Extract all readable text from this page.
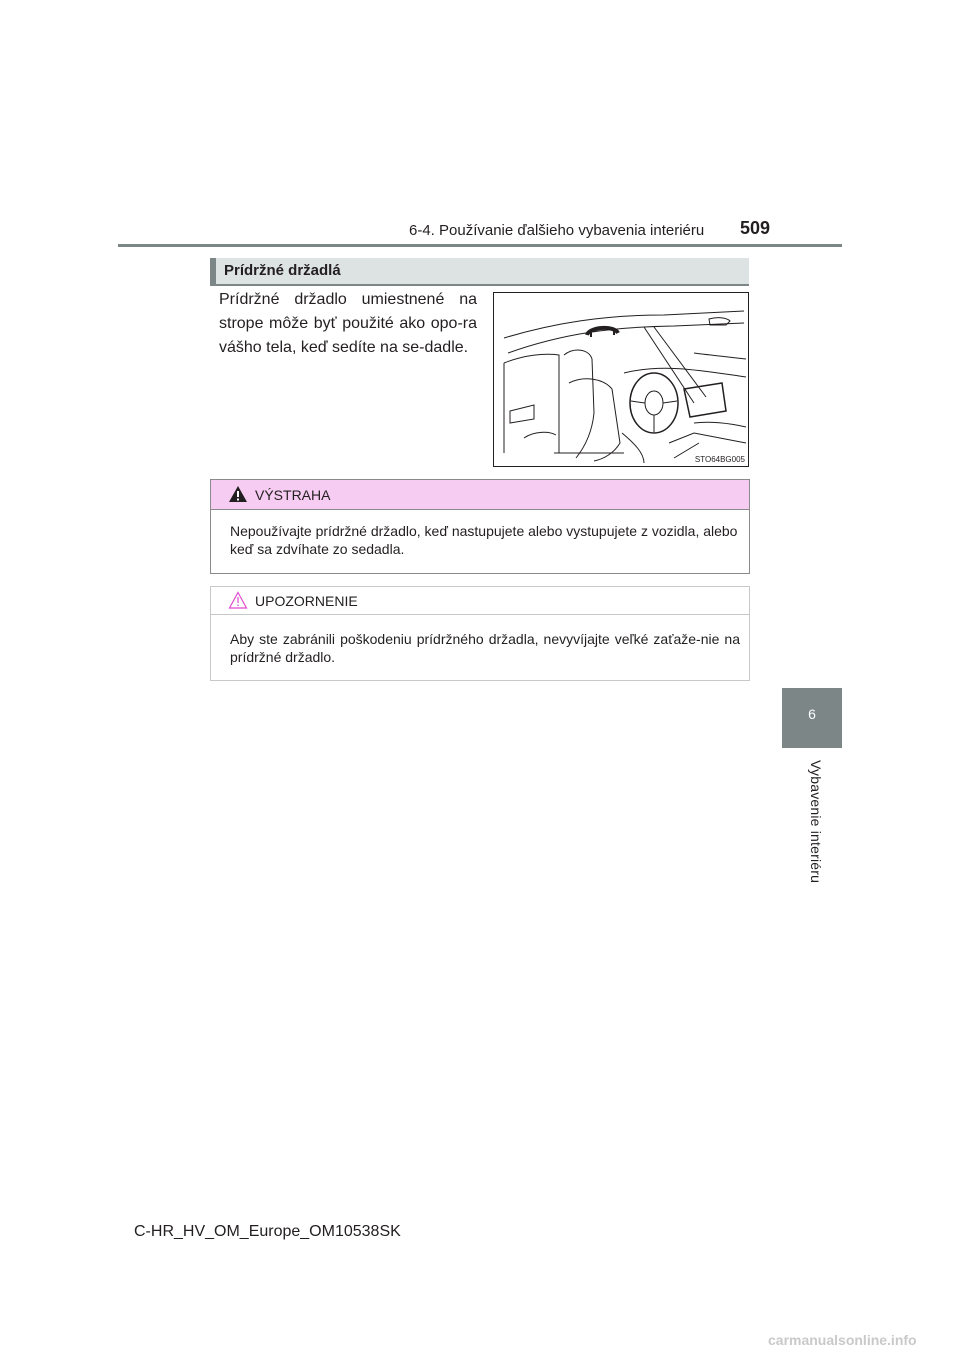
6-4. Používanie ďalšieho vybavenia interiéru 509
6
Vybavenie interiéru
Prídržné držadlá
Prídržné držadlo umiestnené na strope môže byť použité ako opo-ra vášho tela, keď sedíte na se-dadle.
STO64BG005
VÝSTRAHA
Nepoužívajte prídržné držadlo, keď nastupujete alebo vystupujete z vozidla, alebo keď sa zdvíhate zo sedadla.
UPOZORNENIE
Aby ste zabránili poškodeniu prídržného držadla, nevyvíjajte veľké zaťaže-nie na prídržné držadlo.
C-HR_HV_OM_Europe_OM10538SK
carmanualsonline.info
